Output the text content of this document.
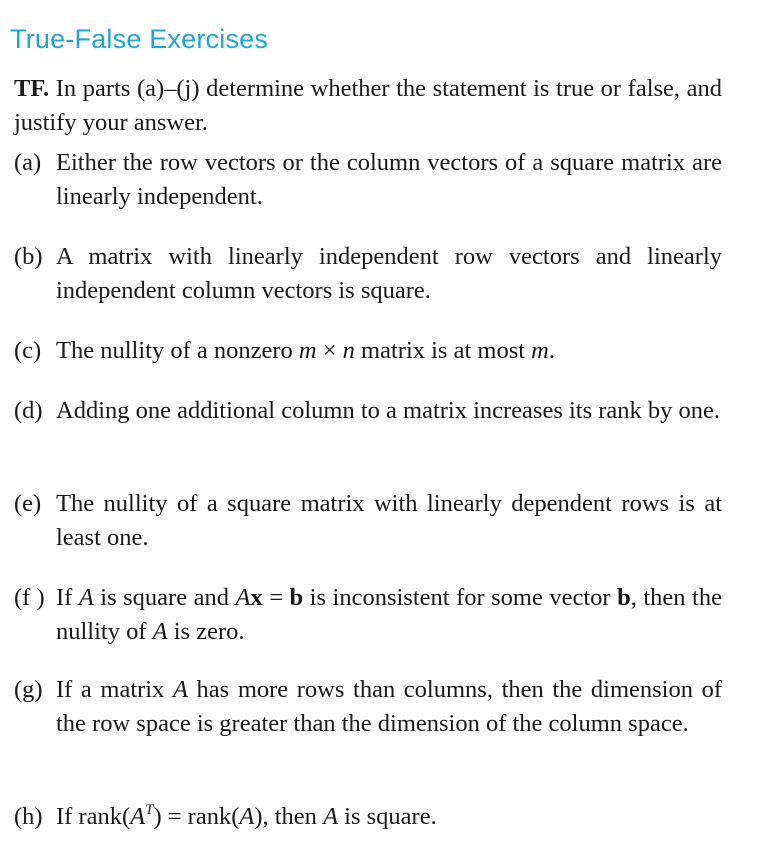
True-False Exercises

TF. In parts (a)–(j) determine whether the statement is true or false, and justify your answer.

(a) Either the row vectors or the column vectors of a square matrix are linearly independent.
(b) A matrix with linearly independent row vectors and linearly independent column vectors is square.
(c) The nullity of a nonzero m × n matrix is at most m.
(d) Adding one additional column to a matrix increases its rank by one.
(e) The nullity of a square matrix with linearly dependent rows is at least one.
(f ) If A is square and Ax = b is inconsistent for some vector b, then the nullity of A is zero.
(g) If a matrix A has more rows than columns, then the dimension of the row space is greater than the dimension of the column space.
(h) If $rank(A^T)$ = rank(A), then A is square.
